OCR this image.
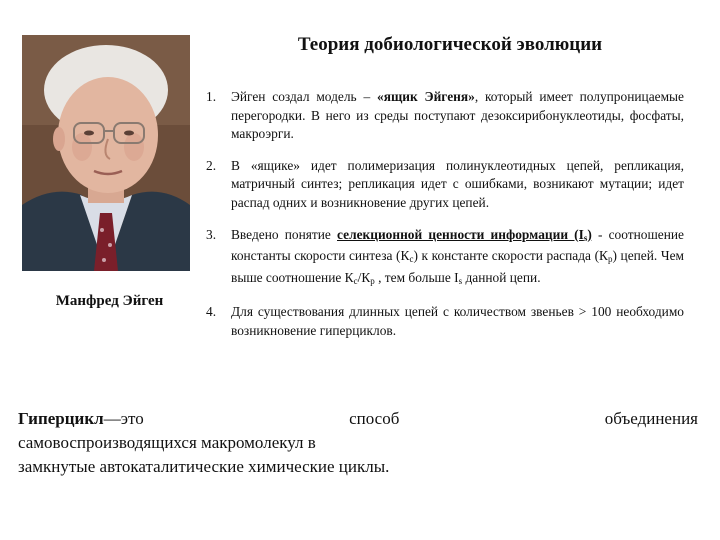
Манфред Эйген
Теория добиологической эволюции
1. Эйген создал модель – «ящик Эйгеня», который имеет полупроницаемые перегородки. В него из среды поступают дезоксирибонуклеотиды, фосфаты, макроэрги.
2. В «ящике» идет полимеризация полинуклеотидных цепей, репликация, матричный синтез; репликация идет с ошибками, возникают мутации; идет распад одних и возникновение других цепей.
3. Введено понятие селекционной ценности информации $(I_s)$ - соотношение константы скорости синтеза $(К_c)$ к константе скорости распада $(К_р)$ цепей. Чем выше соотношение $К_с/К_р$ , тем больше $I_s$ данной цепи.
4. Для существования длинных цепей с количеством звеньев > 100 необходимо возникновение гиперциклов.
Гиперцикл—это	способ	объединения
самовоспроизводящихся макромолекул в
замкнутые автокаталитические химические циклы.
